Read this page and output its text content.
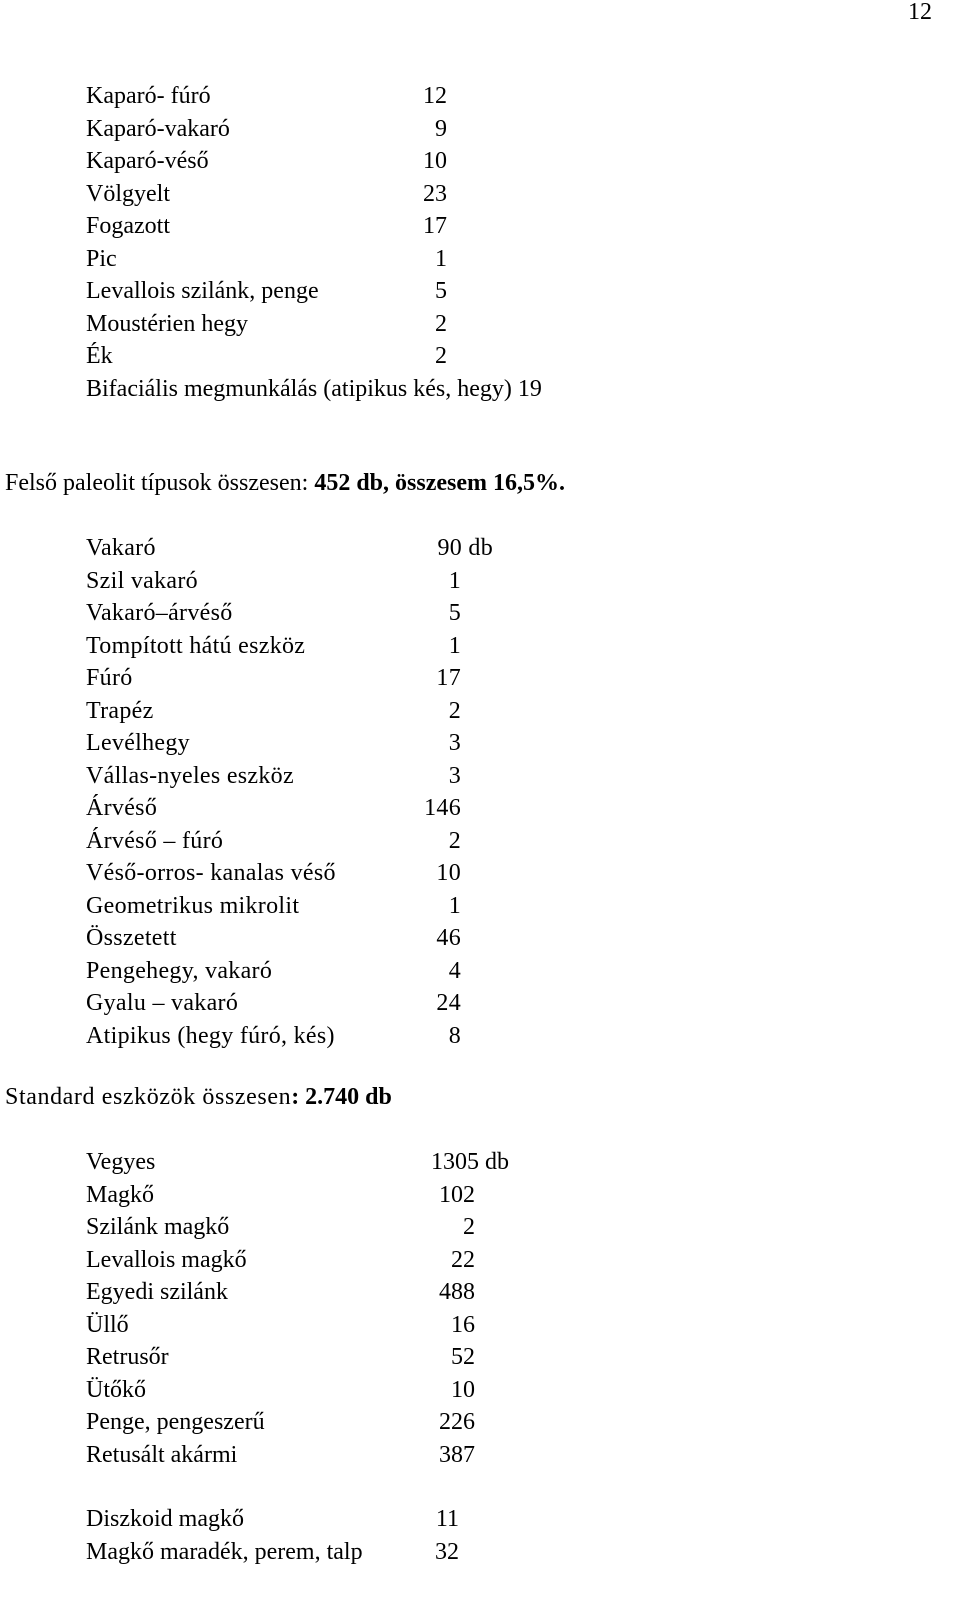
12
Kaparó- fúró	12
Kaparó-vakaró	9
Kaparó-véső	10
Völgyelt	23
Fogazott	17
Pic	1
Levallois szilánk, penge	5
Moustérien hegy	2
Ék	2
Bifaciális megmunkálás (atipikus kés, hegy) 19
Felső paleolit típusok összesen: 452 db, összesem 16,5%.
Vakaró	90 db
Szil vakaró	1
Vakaró–árvéső	5
Tompított hátú eszköz	1
Fúró	17
Trapéz	2
Levélhegy	3
Vállas-nyeles eszköz	3
Árvéső	146
Árvéső – fúró	2
Véső-orros- kanalas véső	10
Geometrikus mikrolit	1
Összetett	46
Pengehegy, vakaró	4
Gyalu – vakaró	24
Atipikus (hegy fúró, kés)	8
Standard eszközök összesen: 2.740 db
Vegyes	1305 db
Magkő	102
Szilánk magkő	2
Levallois magkő	22
Egyedi szilánk	488
Üllő	16
Retrusőr	52
Ütőkő	10
Penge, pengeszerű	226
Retusált akármi	387
Diszkoid magkő	11
Magkő maradék, perem, talp	32
